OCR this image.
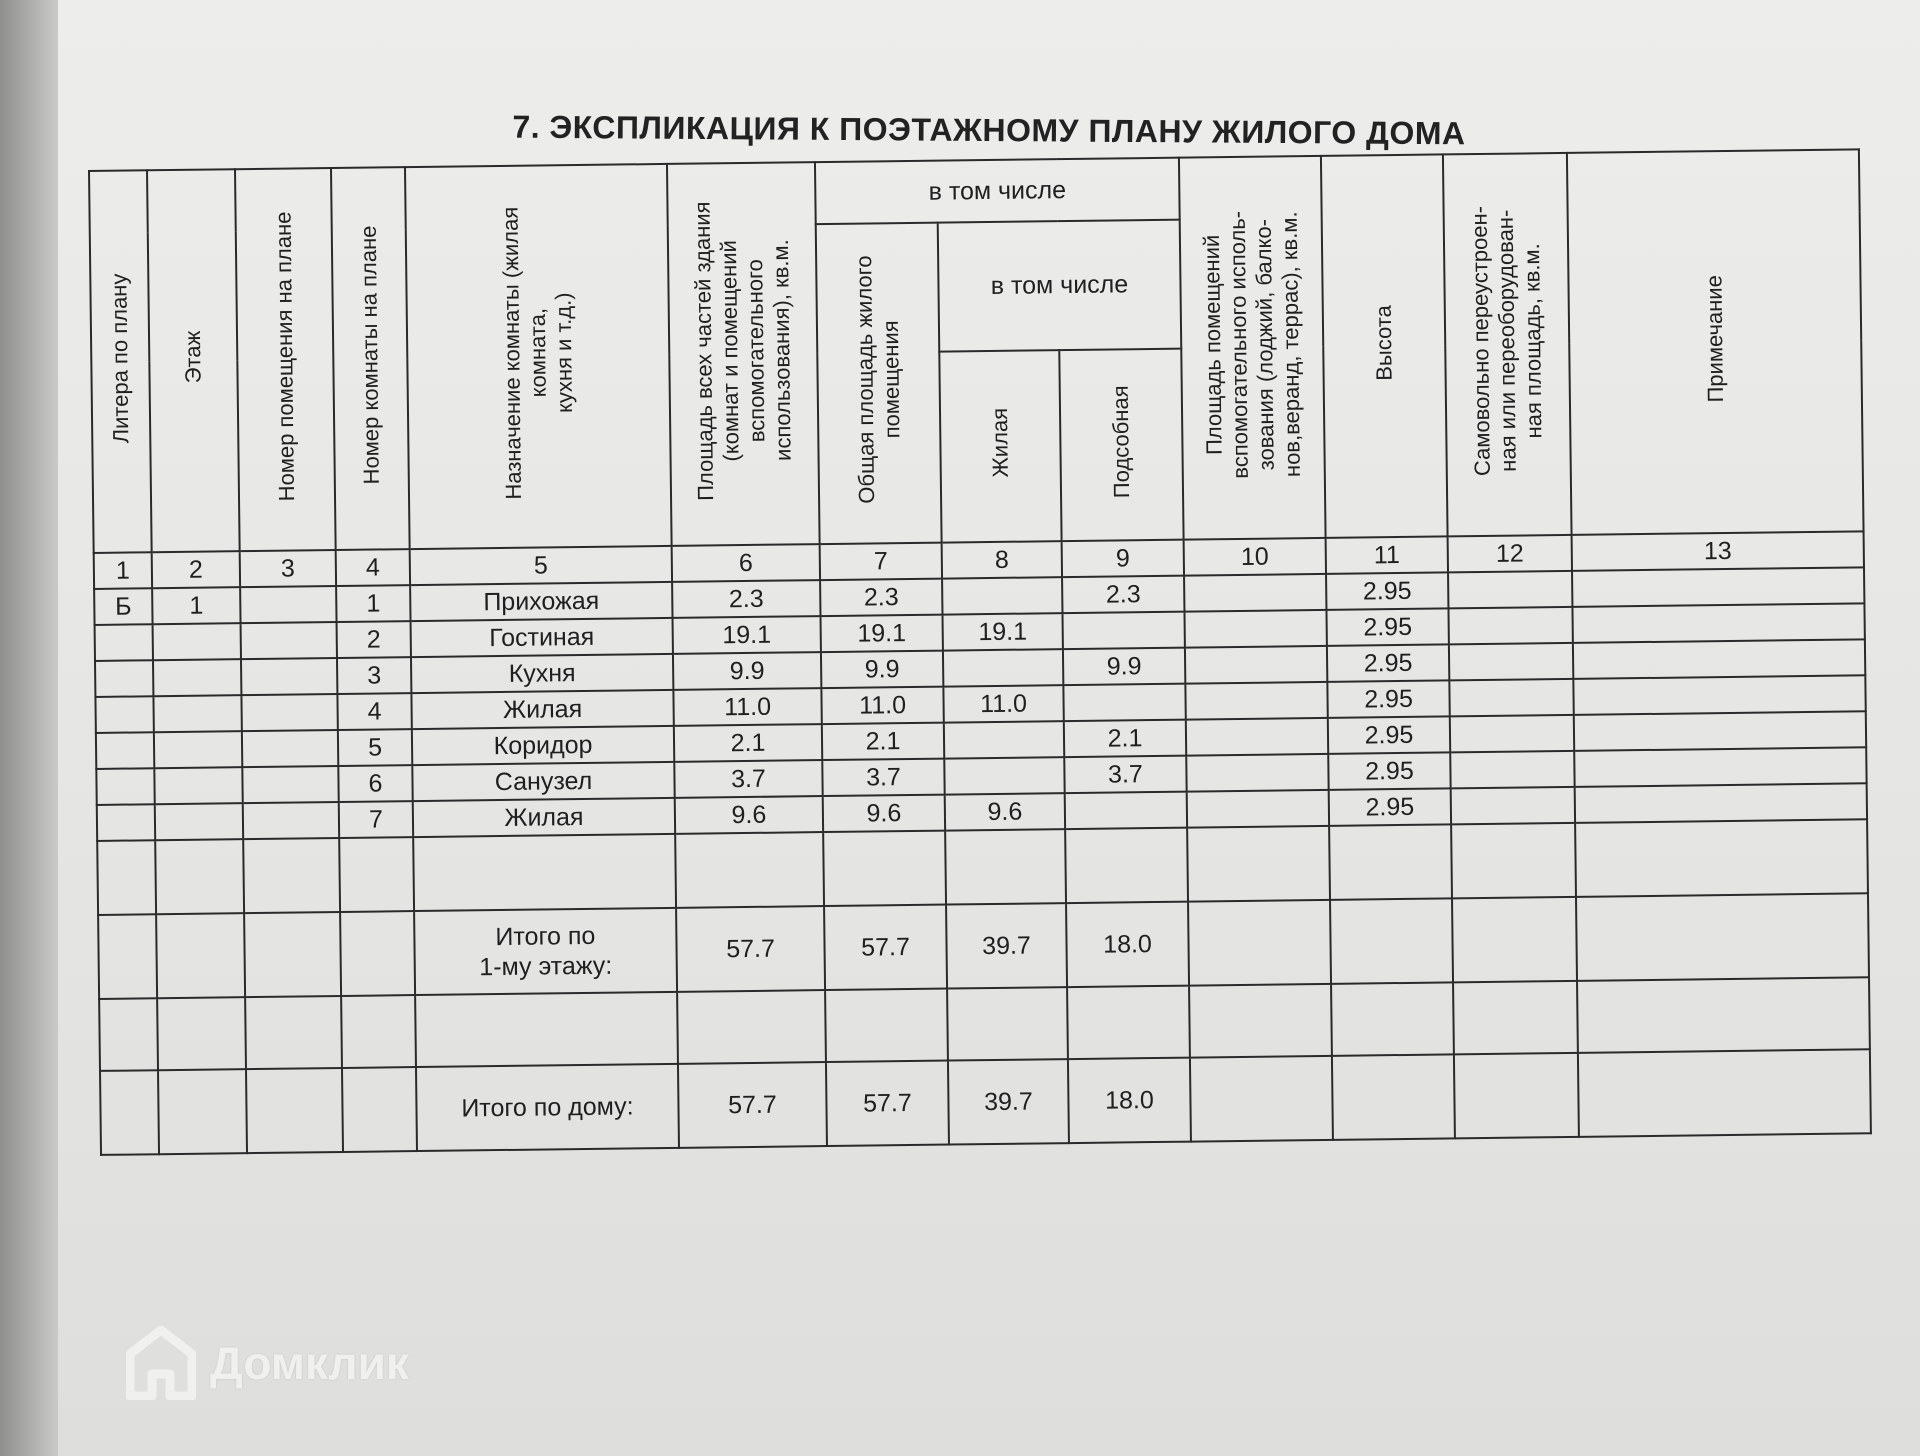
7. ЭКСПЛИКАЦИЯ К ПОЭТАЖНОМУ ПЛАНУ ЖИЛОГО ДОМА
Литера по плану	Этаж	Номер помещения на плане	Номер комнаты на плане	Назначение комнаты (жилая
комната,
кухня и т.д.)	Площадь всех частей здания
(комнат и помещений
вспомогательного
использования), кв.м.	в том числе			Площадь помещений
вспомогательного исполь-
зования (лоджий, балко-
нов,веранд, террас), кв.м.	Высота	Самовольно переустроен-
ная или переоборудован-
ная площадь, кв.м.	Примечание
						Общая площадь жилого
помещения	в том числе					
							Жилая	Подсобная				
1	2	3	4	5	6	7	8	9	10	11	12	13
Б	1		1	Прихожая	2.3	2.3		2.3		2.95		
			2	Гостиная	19.1	19.1	19.1			2.95		
			3	Кухня	9.9	9.9		9.9		2.95		
			4	Жилая	11.0	11.0	11.0			2.95		
			5	Коридор	2.1	2.1		2.1		2.95		
			6	Санузел	3.7	3.7		3.7		2.95		
			7	Жилая	9.6	9.6	9.6			2.95		

				Итого по
1-му этажу:	57.7	57.7	39.7	18.0				

				Итого по дому:	57.7	57.7	39.7	18.0				
Домклик
